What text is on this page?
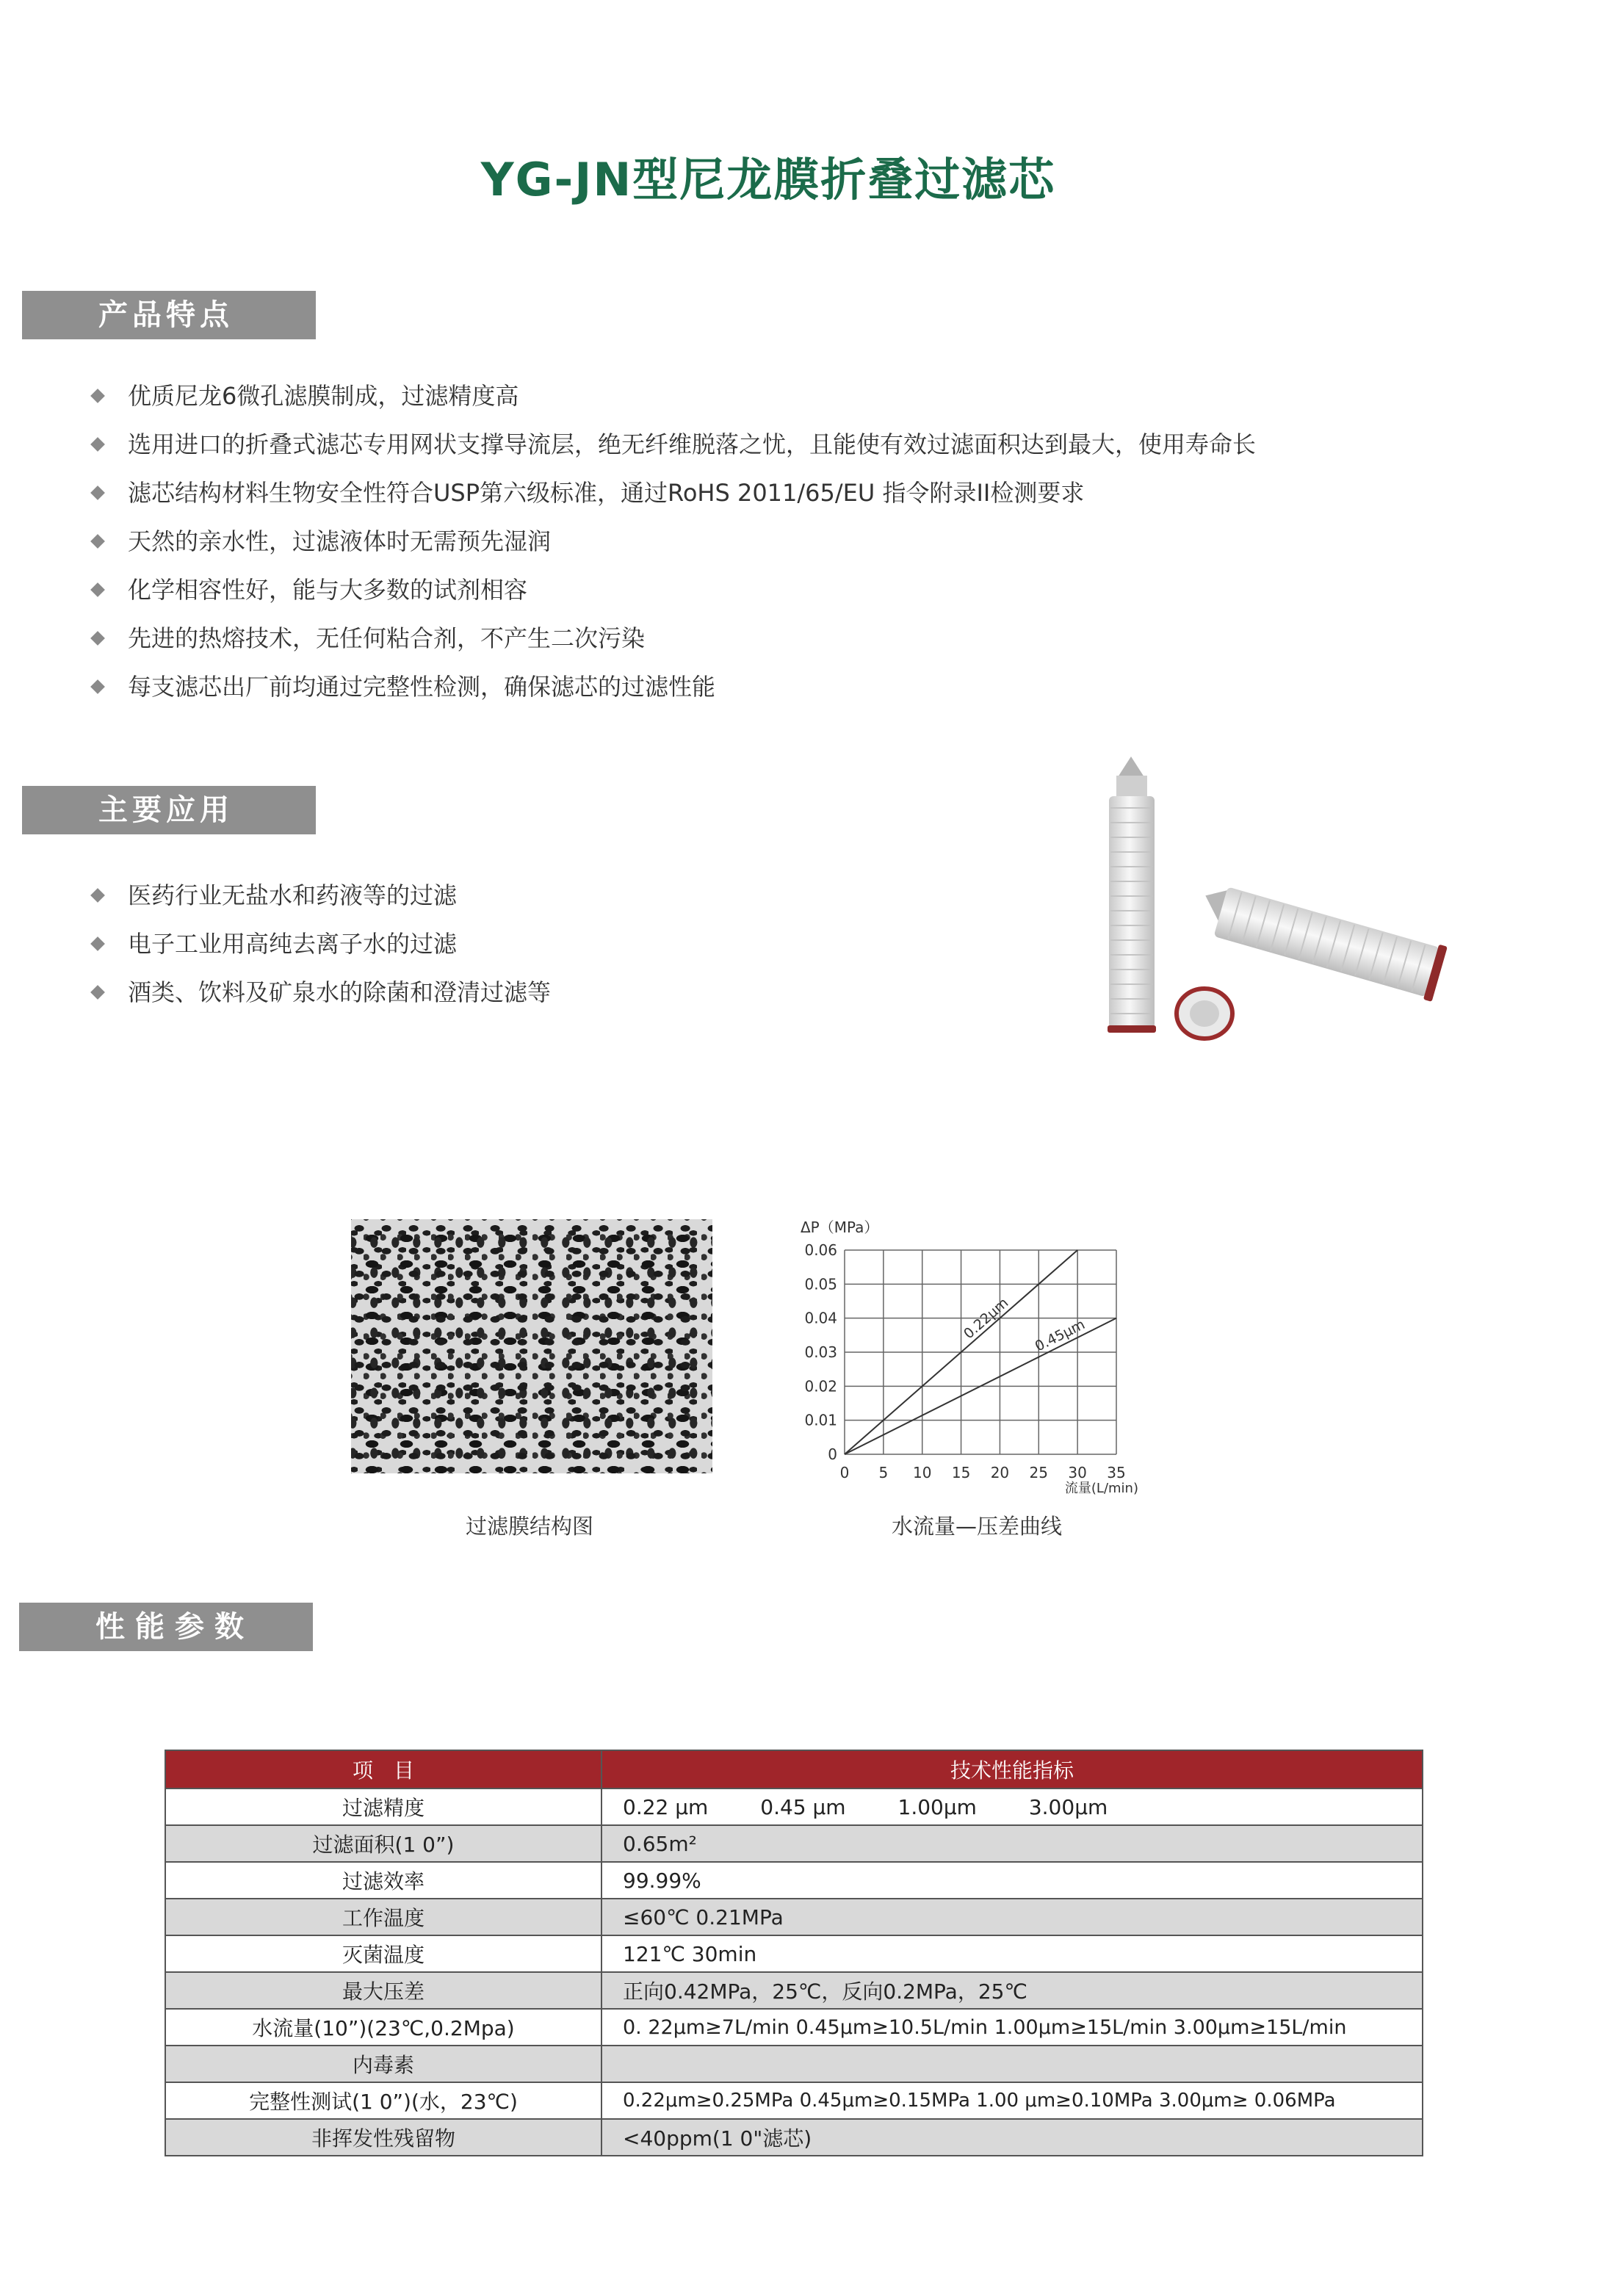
YG-JN型尼龙膜折叠过滤芯
产品特点
优质尼龙6微孔滤膜制成，过滤精度高
选用进口的折叠式滤芯专用网状支撑导流层，绝无纤维脱落之忧，且能使有效过滤面积达到最大，使用寿命长
滤芯结构材料生物安全性符合USP第六级标准，通过RoHS 2011/65/EU 指令附录II检测要求
天然的亲水性，过滤液体时无需预先湿润
化学相容性好，能与大多数的试剂相容
先进的热熔技术，无任何粘合剂，不产生二次污染
每支滤芯出厂前均通过完整性检测，确保滤芯的过滤性能
主要应用
医药行业无盐水和药液等的过滤
电子工业用高纯去离子水的过滤
酒类、饮料及矿泉水的除菌和澄清过滤等
过滤膜结构图
ΔP（MPa）
流量(L/min)
0 5 10 15 20 25 30 35
0
0.01
0.02
0.03
0.04
0.05
0.06
0.22μm 0.45μm
水流量—压差曲线
性能参数
项　目	技术性能指标
过滤精度	0.22 μm 0.45 μm 1.00μm 3.00μm
过滤面积(1 0”)	0.65m²
过滤效率	99.99%
工作温度	≤60℃ 0.21MPa
灭菌温度	121℃ 30min
最大压差	正向0.42MPa，25℃，反向0.2MPa，25℃
水流量(10”)(23℃,0.2Mpa)	0. 22μm≥7L/min 0.45μm≥10.5L/min 1.00μm≥15L/min 3.00μm≥15L/min
内毒素	
完整性测试(1 0”)(水，23℃)	0.22μm≥0.25MPa 0.45μm≥0.15MPa 1.00 μm≥0.10MPa 3.00μm≥ 0.06MPa
非挥发性残留物	<40ppm(1 0"滤芯)
